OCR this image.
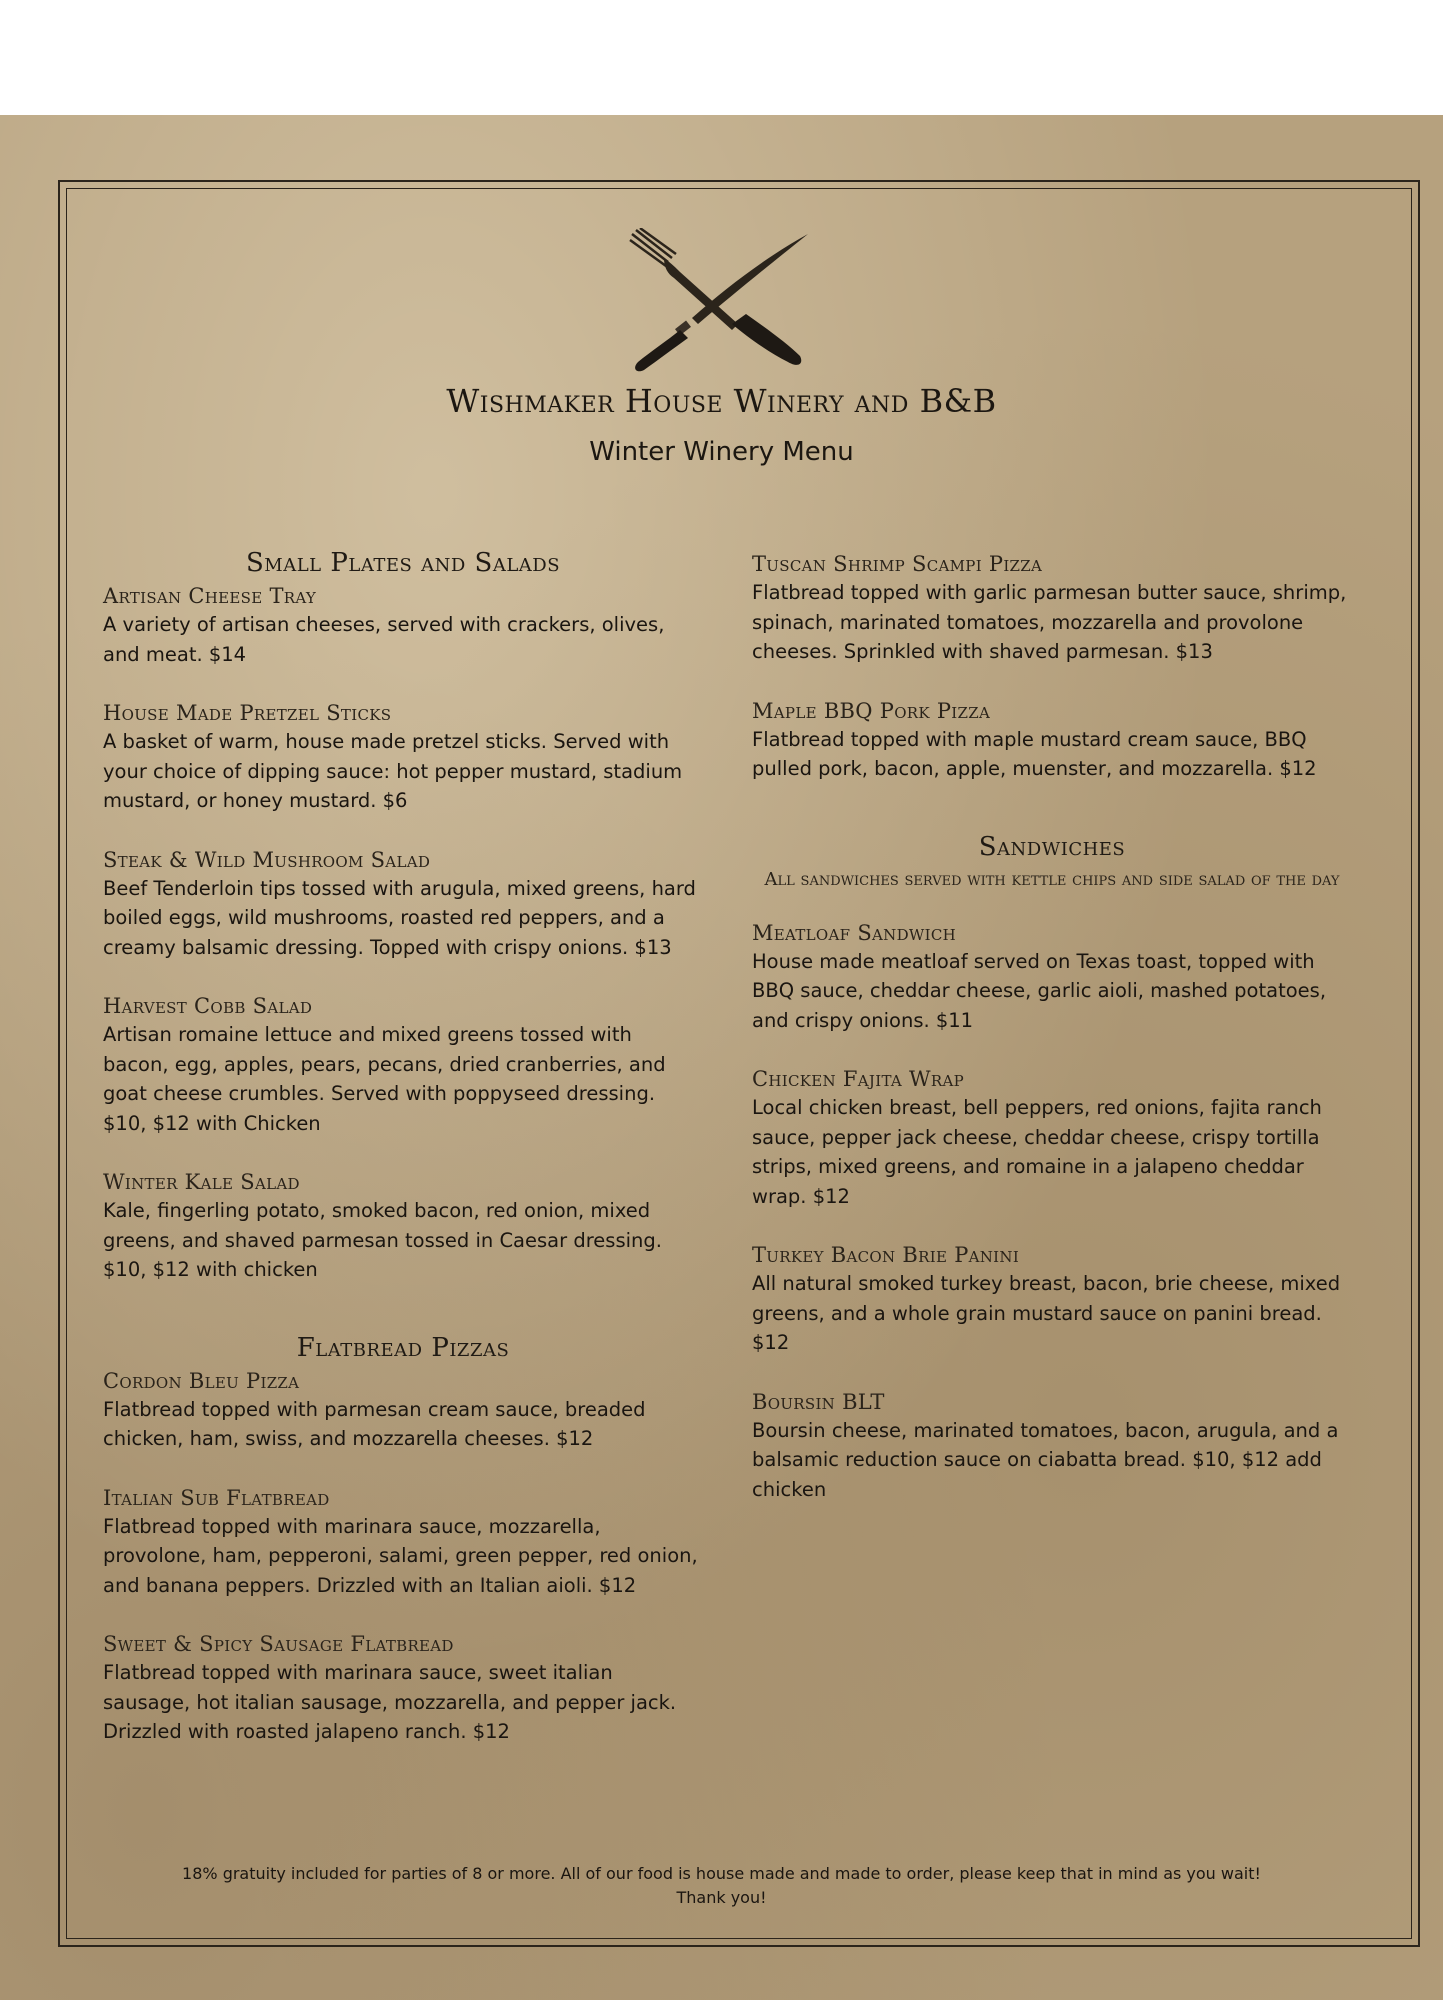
Wishmaker House Winery and B&B
Winter Winery Menu
Small Plates and Salads
Artisan Cheese Tray
A variety of artisan cheeses, served with crackers, olives, and meat. $14
House Made Pretzel Sticks
A basket of warm, house made pretzel sticks. Served with your choice of dipping sauce: hot pepper mustard, stadium mustard, or honey mustard. $6
Steak & Wild Mushroom Salad
Beef Tenderloin tips tossed with arugula, mixed greens, hard boiled eggs, wild mushrooms, roasted red peppers, and a creamy balsamic dressing. Topped with crispy onions. $13
Harvest Cobb Salad
Artisan romaine lettuce and mixed greens tossed with bacon, egg, apples, pears, pecans, dried cranberries, and goat cheese crumbles. Served with poppyseed dressing. $10, $12 with Chicken
Winter Kale Salad
Kale, fingerling potato, smoked bacon, red onion, mixed greens, and shaved parmesan tossed in Caesar dressing. $10, $12 with chicken
Flatbread Pizzas
Cordon Bleu Pizza
Flatbread topped with parmesan cream sauce, breaded chicken, ham, swiss, and mozzarella cheeses. $12
Italian Sub Flatbread
Flatbread topped with marinara sauce, mozzarella, provolone, ham, pepperoni, salami, green pepper, red onion, and banana peppers. Drizzled with an Italian aioli. $12
Sweet & Spicy Sausage Flatbread
Flatbread topped with marinara sauce, sweet italian sausage, hot italian sausage, mozzarella, and pepper jack. Drizzled with roasted jalapeno ranch. $12
Tuscan Shrimp Scampi Pizza
Flatbread topped with garlic parmesan butter sauce, shrimp, spinach, marinated tomatoes, mozzarella and provolone cheeses. Sprinkled with shaved parmesan. $13
Maple BBQ Pork Pizza
Flatbread topped with maple mustard cream sauce, BBQ pulled pork, bacon, apple, muenster, and mozzarella. $12
Sandwiches
All sandwiches served with kettle chips and side salad of the day
Meatloaf Sandwich
House made meatloaf served on Texas toast, topped with BBQ sauce, cheddar cheese, garlic aioli, mashed potatoes, and crispy onions. $11
Chicken Fajita Wrap
Local chicken breast, bell peppers, red onions, fajita ranch sauce, pepper jack cheese, cheddar cheese, crispy tortilla strips, mixed greens, and romaine in a jalapeno cheddar wrap. $12
Turkey Bacon Brie Panini
All natural smoked turkey breast, bacon, brie cheese, mixed greens, and a whole grain mustard sauce on panini bread. $12
Boursin BLT
Boursin cheese, marinated tomatoes, bacon, arugula, and a balsamic reduction sauce on ciabatta bread. $10, $12 add chicken
18% gratuity included for parties of 8 or more. All of our food is house made and made to order, please keep that in mind as you wait!
Thank you!
